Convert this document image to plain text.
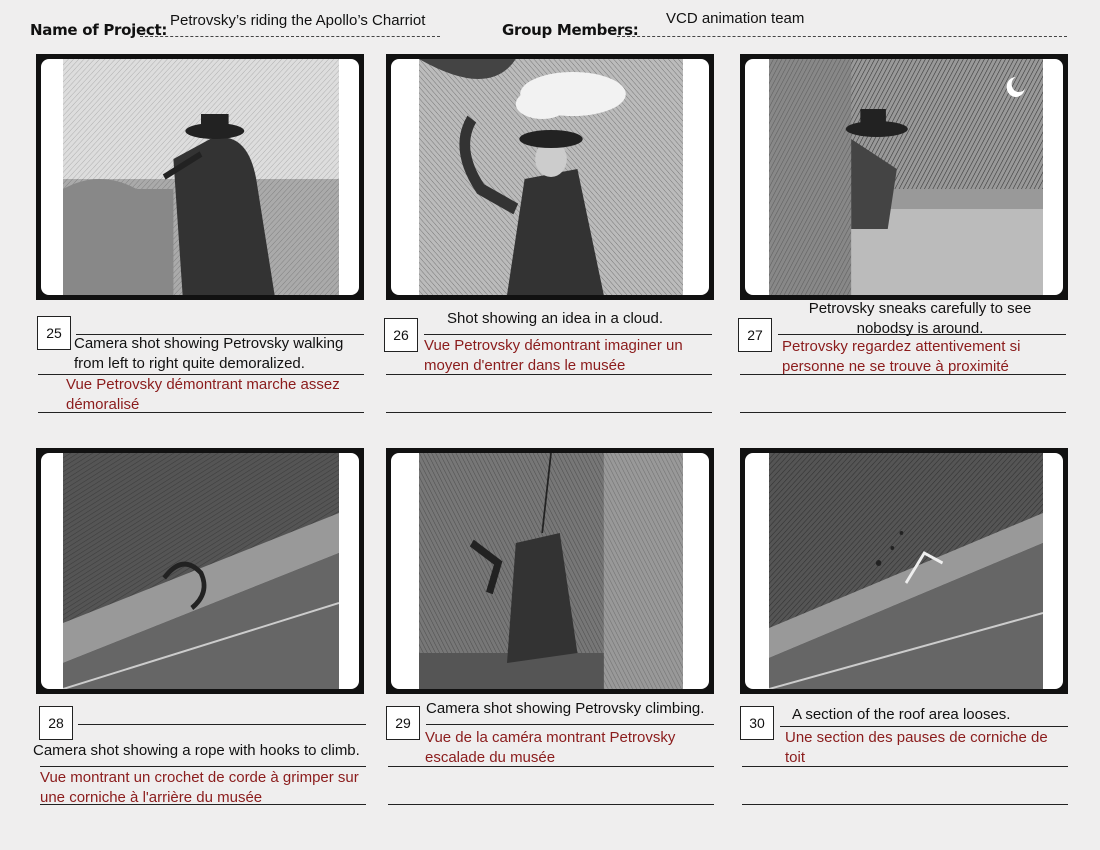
Name of Project:
Petrovsky’s riding the Apollo’s Charriot
Group Members:
VCD animation team
25
Camera shot showing Petrovsky walking from left to right quite demoralized.
Vue Petrovsky démontrant marche assez démoralisé
26
Shot showing an idea in a cloud.
Vue Petrovsky démontrant imaginer un moyen d'entrer dans le musée
27
Petrovsky sneaks carefully to see nobodsy is around.
Petrovsky regardez attentivement si personne ne se trouve à proximité
28
Camera shot showing a rope with hooks to climb.
Vue montrant un crochet de corde à grimper sur une corniche à l'arrière du musée
29
Camera shot showing Petrovsky climbing.
Vue de la caméra montrant Petrovsky escalade du musée
30	A section of the roof area looses.
Une section des pauses de corniche de toit
